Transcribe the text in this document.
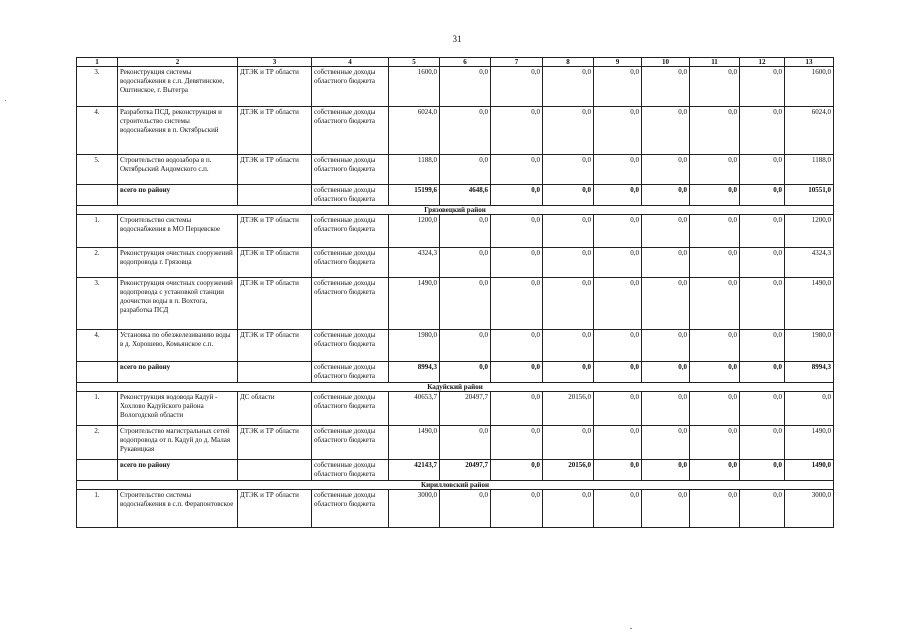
31
1	2	3	4	5	6	7	8	9	10	11	12	13
3.	Реконструкция системы водоснабжения в с.п. Девятинское, Оштинское, г. Вытегра	ДТЭК и ТР области	собственные доходы областного бюджета	1600,0	0,0	0,0	0,0	0,0	0,0	0,0	0,0	1600,0
4.	Разработка ПСД, реконструкция и строительство системы водоснабжения в п. Октябрьский	ДТЭК и ТР области	собственные доходы областного бюджета	6024,0	0,0	0,0	0,0	0,0	0,0	0,0	0,0	6024,0
5.	Строительство водозабора в п. Октябрьский Андомского с.п.	ДТЭК и ТР области	собственные доходы областного бюджета	1188,0	0,0	0,0	0,0	0,0	0,0	0,0	0,0	1188,0
	всего по району		собственные доходы областного бюджета	15199,6	4648,6	0,0	0,0	0,0	0,0	0,0	0,0	10551,0
Грязовецкий район												
1.	Строительство системы водоснабжения в МО Перцевское	ДТЭК и ТР области	собственные доходы областного бюджета	1200,0	0,0	0,0	0,0	0,0	0,0	0,0	0,0	1200,0
2.	Реконструкция очистных сооружений водопровода г. Грязовца	ДТЭК и ТР области	собственные доходы областного бюджета	4324,3	0,0	0,0	0,0	0,0	0,0	0,0	0,0	4324,3
3.	Реконструкция очистных сооружений водопровода с установкой станции доочистки воды в п. Вохтога, разработка ПСД	ДТЭК и ТР области	собственные доходы областного бюджета	1490,0	0,0	0,0	0,0	0,0	0,0	0,0	0,0	1490,0
4.	Установка по обезжелезиванию воды в д. Хорошево, Комьянское с.п.	ДТЭК и ТР области	собственные доходы областного бюджета	1980,0	0,0	0,0	0,0	0,0	0,0	0,0	0,0	1980,0
	всего по району		собственные доходы областного бюджета	8994,3	0,0	0,0	0,0	0,0	0,0	0,0	0,0	8994,3
Кадуйский район												
1.	Реконструкция водовода Кадуй - Хохлово Кадуйского района Вологодской области	ДС области	собственные доходы областного бюджета	40653,7	20497,7	0,0	20156,0	0,0	0,0	0,0	0,0	0,0
2.	Строительство магистральных сетей водопровода от п. Кадуй до д. Малая Рукавицкая	ДТЭК и ТР области	собственные доходы областного бюджета	1490,0	0,0	0,0	0,0	0,0	0,0	0,0	0,0	1490,0
	всего по району		собственные доходы областного бюджета	42143,7	20497,7	0,0	20156,0	0,0	0,0	0,0	0,0	1490,0
Кирилловский район												
1.	Строительство системы водоснабжения в с.п. Ферапонтовское	ДТЭК и ТР области	собственные доходы областного бюджета	3000,0	0,0	0,0	0,0	0,0	0,0	0,0	0,0	3000,0
